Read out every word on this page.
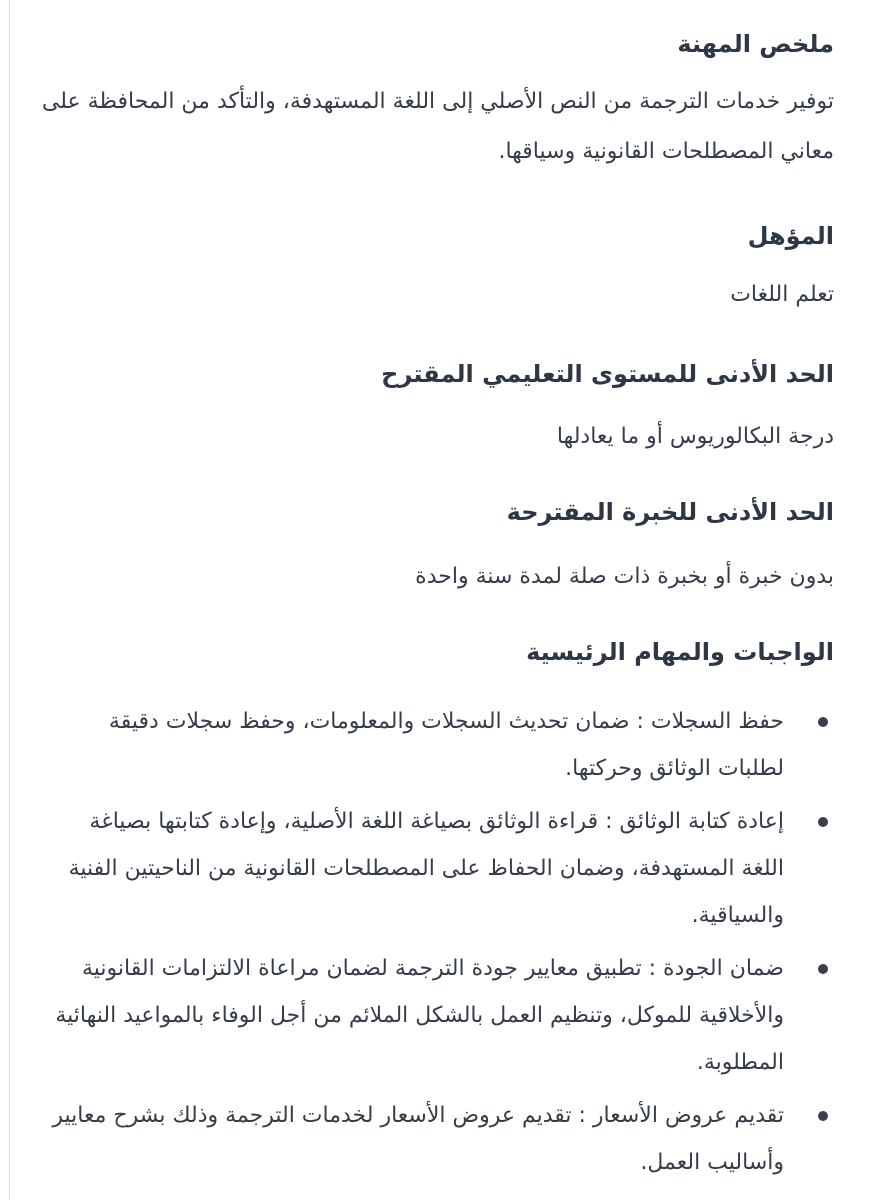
ملخص المهنة

توفير خدمات الترجمة من النص الأصلي إلى اللغة المستهدفة، والتأكد من المحافظة على معاني المصطلحات القانونية وسياقها.

المؤهل

تعلم اللغات

الحد الأدنى للمستوى التعليمي المقترح

درجة البكالوريوس أو ما يعادلها

الحد الأدنى للخبرة المقترحة

بدون خبرة أو بخبرة ذات صلة لمدة سنة واحدة

الواجبات والمهام الرئيسية
حفظ السجلات : ضمان تحديث السجلات والمعلومات، وحفظ سجلات دقيقة لطلبات الوثائق وحركتها.
إعادة كتابة الوثائق : قراءة الوثائق بصياغة اللغة الأصلية، وإعادة كتابتها بصياغة اللغة المستهدفة، وضمان الحفاظ على المصطلحات القانونية من الناحيتين الفنية والسياقية.
ضمان الجودة : تطبيق معايير جودة الترجمة لضمان مراعاة الالتزامات القانونية والأخلاقية للموكل، وتنظيم العمل بالشكل الملائم من أجل الوفاء بالمواعيد النهائية المطلوبة.
تقديم عروض الأسعار : تقديم عروض الأسعار لخدمات الترجمة وذلك بشرح معايير وأساليب العمل.
